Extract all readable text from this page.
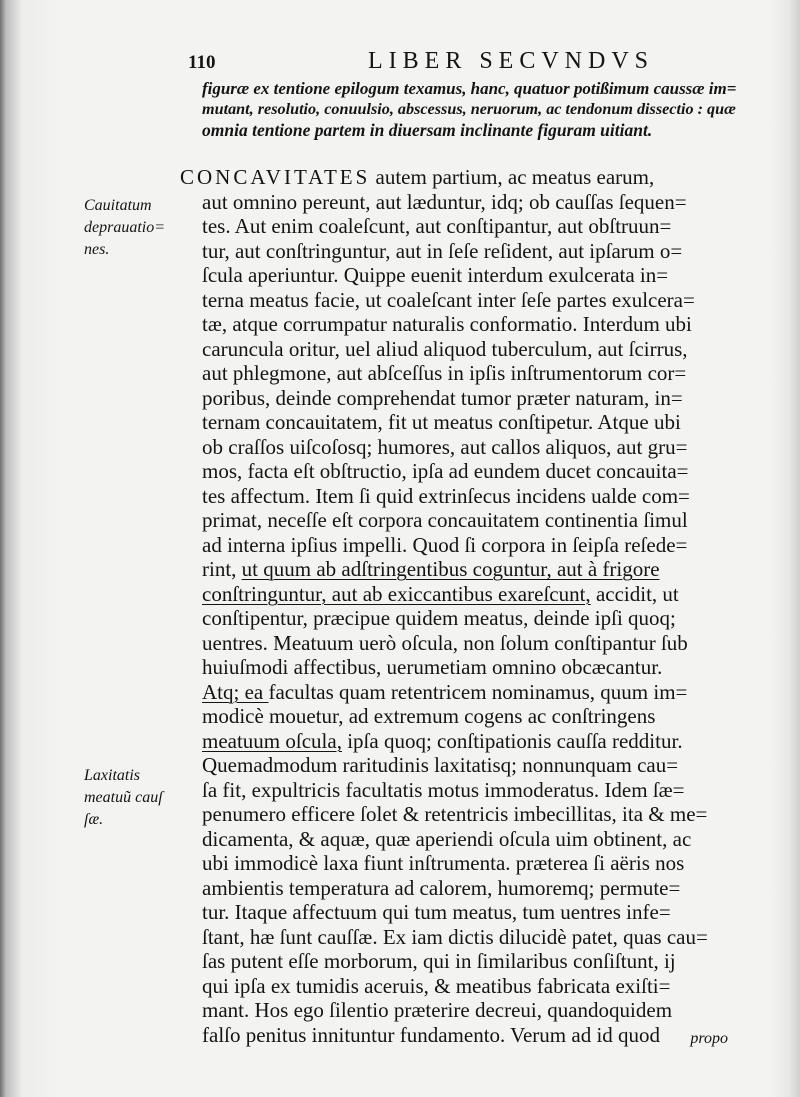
110	LIBER SECVNDVS

figuræ ex tentione epilogum texamus, hanc, quatuor potißimum caussæ im=
mutant, resolutio, conuulsio, abscessus, neruorum, ac tendonum dissectio : quæ
omnia tentione partem in diuersam inclinante figuram uitiant.

Cauitatum
deprauatio=
nes.
Laxitatis
meatuũ cauſ
ſæ.
CONCAVITATES autem partium, ac meatus earum,
aut omnino pereunt, aut læduntur, idq; ob cauſſas ſequen=
tes. Aut enim coaleſcunt, aut conſtipantur, aut obſtruun=
tur, aut conſtringuntur, aut in ſeſe reſident, aut ipſarum o=
ſcula aperiuntur. Quippe euenit interdum exulcerata in=
terna meatus facie, ut coaleſcant inter ſeſe partes exulcera=
tæ, atque corrumpatur naturalis conformatio. Interdum ubi
caruncula oritur, uel aliud aliquod tuberculum, aut ſcirrus,
aut phlegmone, aut abſceſſus in ipſis inſtrumentorum cor=
poribus, deinde comprehendat tumor præter naturam, in=
ternam concauitatem, fit ut meatus conſtipetur. Atque ubi
ob craſſos uiſcoſosq; humores, aut callos aliquos, aut gru=
mos, facta eſt obſtructio, ipſa ad eundem ducet concauita=
tes affectum. Item ſi quid extrinſecus incidens ualde com=
primat, neceſſe eſt corpora concauitatem continentia ſimul
ad interna ipſius impelli. Quod ſi corpora in ſeipſa reſede=
rint, ut quum ab adſtringentibus coguntur, aut à frigore
conſtringuntur, aut ab exiccantibus exareſcunt, accidit, ut
conſtipentur, præcipue quidem meatus, deinde ipſi quoq;
uentres. Meatuum uerò oſcula, non ſolum conſtipantur ſub
huiuſmodi affectibus, uerumetiam omnino obcæcantur.
Atq; ea facultas quam retentricem nominamus, quum im=
modicè mouetur, ad extremum cogens ac conſtringens
meatuum oſcula, ipſa quoq; conſtipationis cauſſa redditur.
Quemadmodum raritudinis laxitatisq; nonnunquam cau=
ſa fit, expultricis facultatis motus immoderatus. Idem ſæ=
penumero efficere ſolet & retentricis imbecillitas, ita & me=
dicamenta, & aquæ, quæ aperiendi oſcula uim obtinent, ac
ubi immodicè laxa fiunt inſtrumenta. præterea ſi aëris nos
ambientis temperatura ad calorem, humoremq; permute=
tur. Itaque affectuum qui tum meatus, tum uentres infe=
ſtant, hæ ſunt cauſſæ. Ex iam dictis dilucidè patet, quas cau=
ſas putent eſſe morborum, qui in ſimilaribus conſiſtunt, ij
qui ipſa ex tumidis aceruis, & meatibus fabricata exiſti=
mant. Hos ego ſilentio præterire decreui, quandoquidem
falſo penitus innituntur fundamento. Verum ad id quod	propo
